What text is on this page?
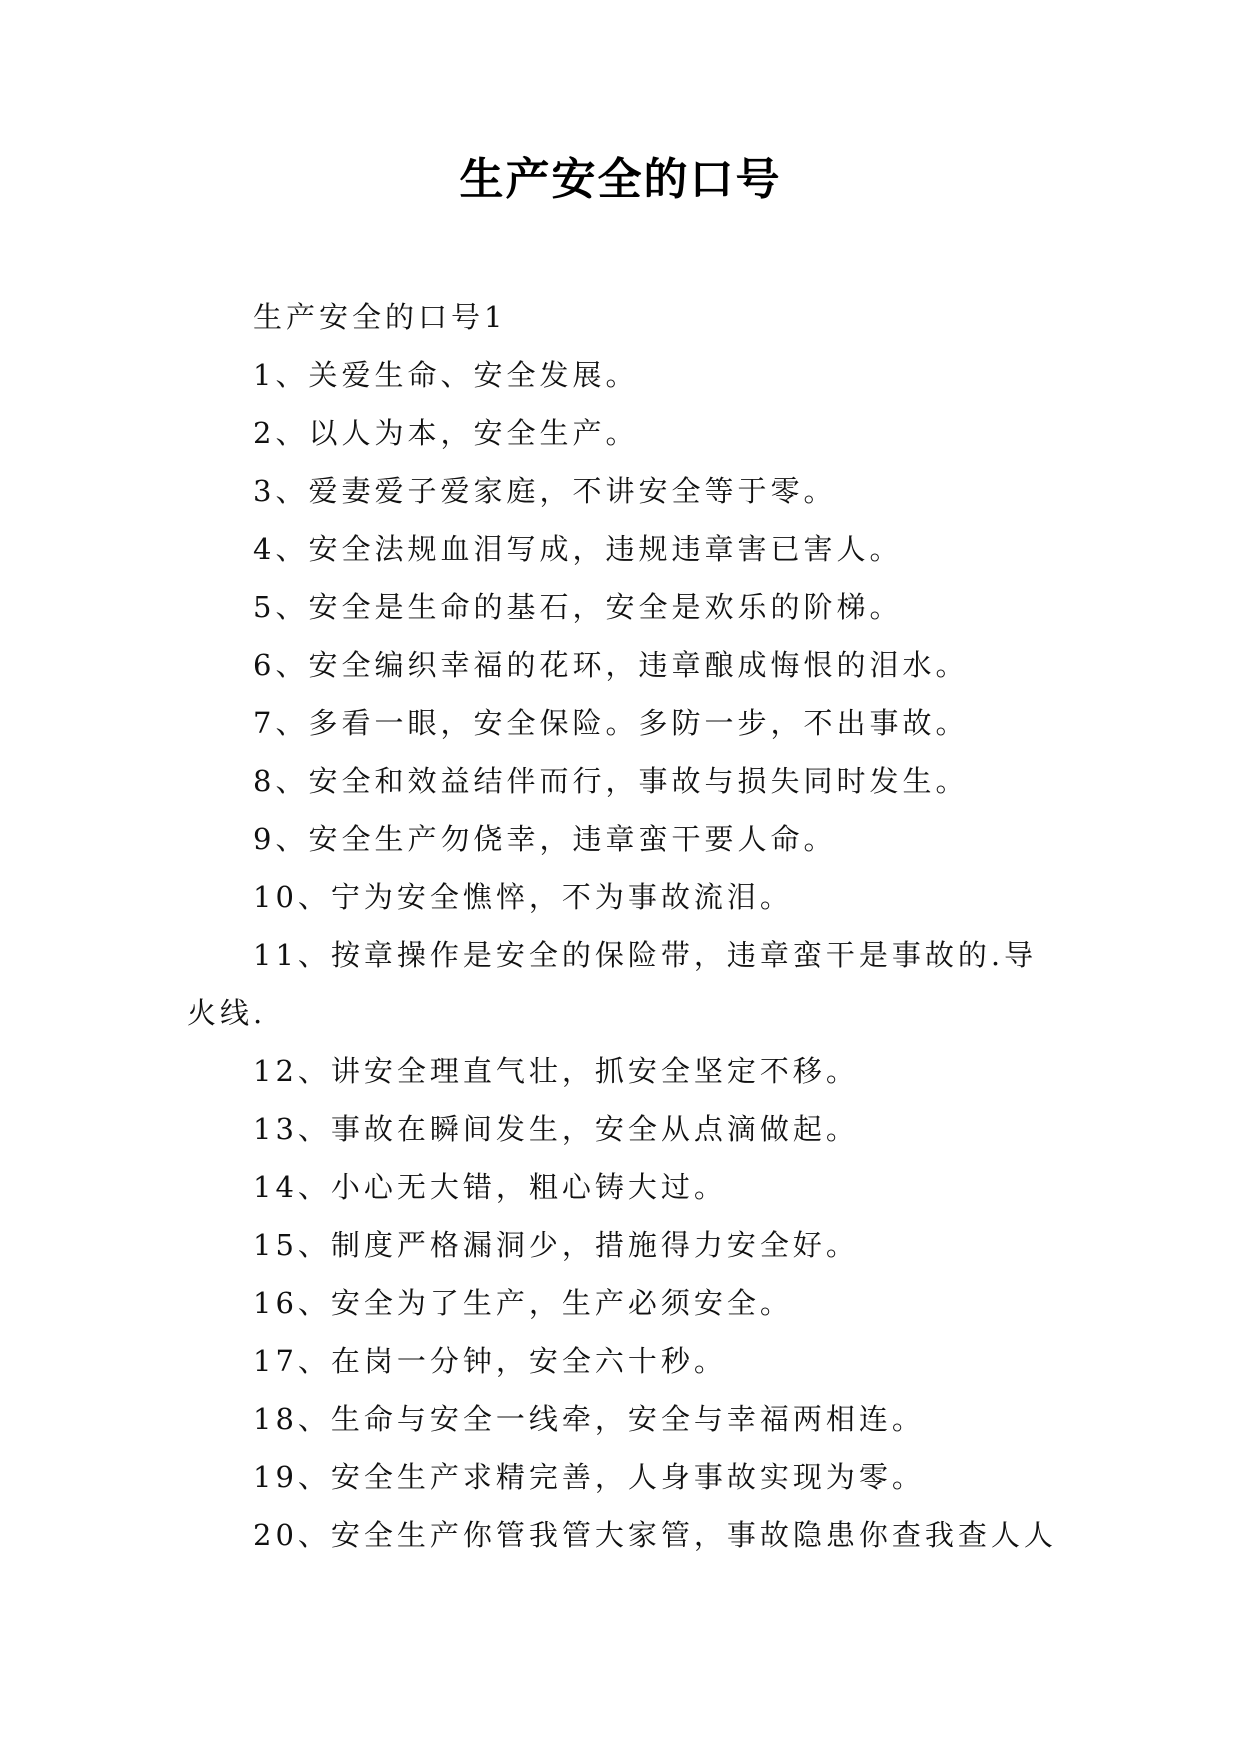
生产安全的口号

生产安全的口号1

1、关爱生命、安全发展。

2、以人为本，安全生产。

3、爱妻爱子爱家庭，不讲安全等于零。

4、安全法规血泪写成，违规违章害已害人。

5、安全是生命的基石，安全是欢乐的阶梯。

6、安全编织幸福的花环，违章酿成悔恨的泪水。

7、多看一眼，安全保险。多防一步，不出事故。

8、安全和效益结伴而行，事故与损失同时发生。

9、安全生产勿侥幸，违章蛮干要人命。

10、宁为安全憔悴，不为事故流泪。

11、按章操作是安全的保险带，违章蛮干是事故的.导火线.

12、讲安全理直气壮，抓安全坚定不移。

13、事故在瞬间发生，安全从点滴做起。

14、小心无大错，粗心铸大过。

15、制度严格漏洞少，措施得力安全好。

16、安全为了生产，生产必须安全。

17、在岗一分钟，安全六十秒。

18、生命与安全一线牵，安全与幸福两相连。

19、安全生产求精完善，人身事故实现为零。

20、安全生产你管我管大家管，事故隐患你查我查人人
